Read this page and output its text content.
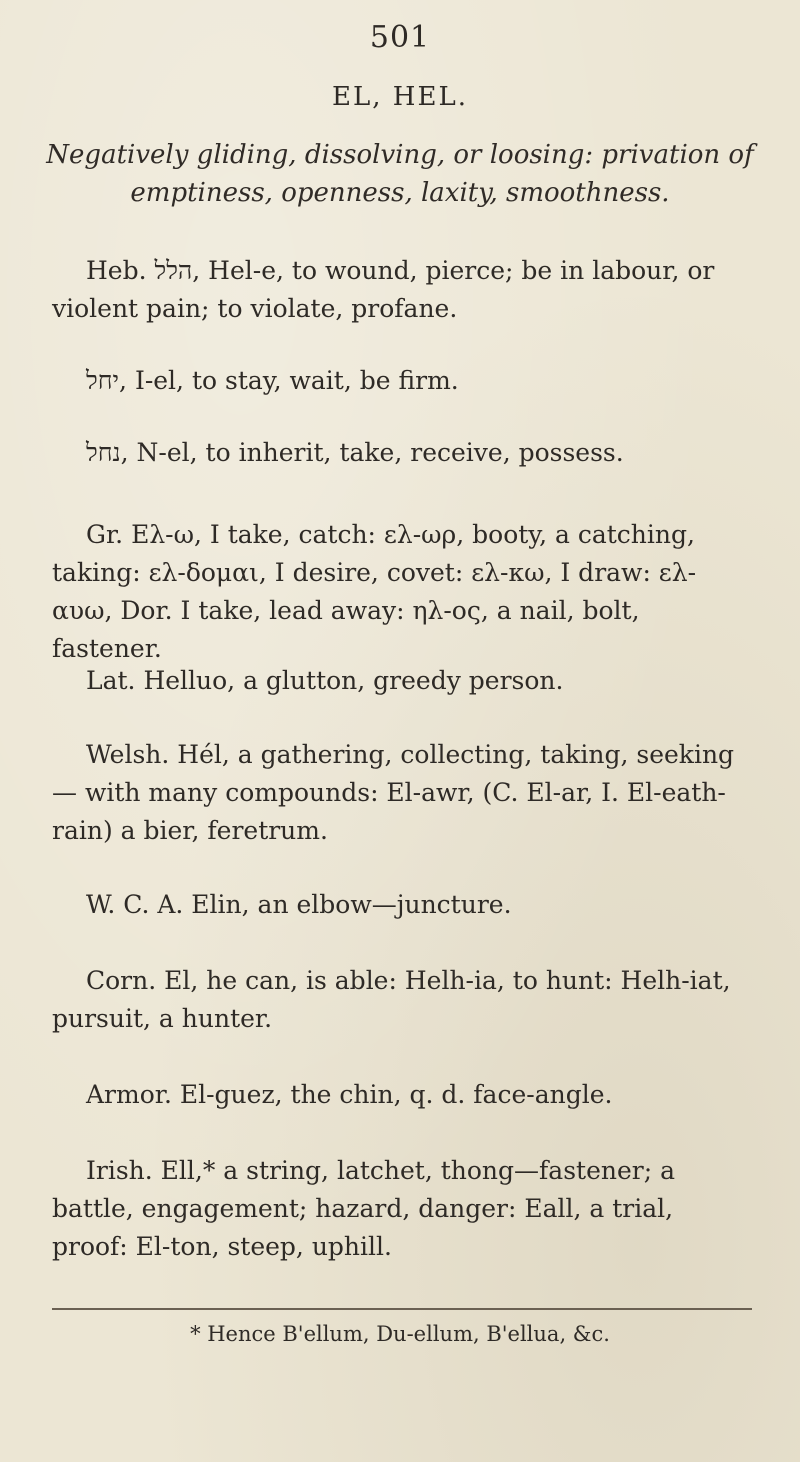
501
EL, HEL.
Negatively gliding, dissolving, or loosing: privation of
emptiness, openness, laxity, smoothness.

Heb. הלל, Hel-e, to wound, pierce; be in labour, or violent pain; to violate, profane.

יחל, I-el, to stay, wait, be firm.

נחל, N-el, to inherit, take, receive, possess.

Gr. Ελ-ω, I take, catch: ελ-ωρ, booty, a catching, taking: ελ-δομαι, I desire, covet: ελ-κω, I draw: ελ-αυω, Dor. I take, lead away: ηλ-ος, a nail, bolt, fastener.

Lat. Helluo, a glutton, greedy person.

Welsh. Hél, a gathering, collecting, taking, seeking— with many compounds: El-awr, (C. El-ar, I. El-eath-rain) a bier, feretrum.

W. C. A. Elin, an elbow—juncture.

Corn. El, he can, is able: Helh-ia, to hunt: Helh-iat, pursuit, a hunter.

Armor. El-guez, the chin, q. d. face-angle.

Irish. Ell,* a string, latchet, thong—fastener; a battle, engagement; hazard, danger: Eall, a trial, proof: El-ton, steep, uphill.

* Hence B'ellum, Du-ellum, B'ellua, &c.
